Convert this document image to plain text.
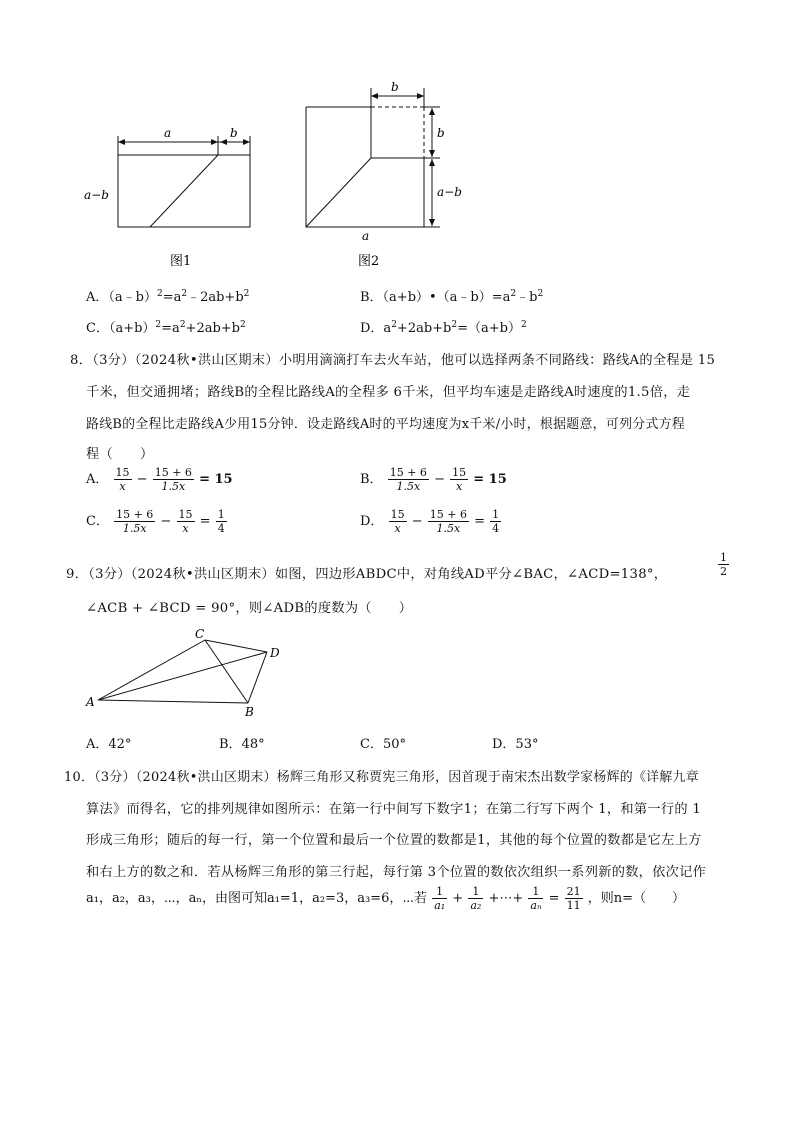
a	b
a−b
图1
b
b
a−b
a
图2
A．$(a﹣b)^2=a^2﹣2ab+b^2$	B．$(a+b)•(a﹣b)=a^2﹣b^2$
C．$(a+b)^2=a^2+2ab+b^2$	D．$a^2+2ab+b^2=(a+b)^2$
8．（3分）（2024秋•洪山区期末）小明用滴滴打车去火车站，他可以选择两条不同路线：路线A的全程是 15
千米，但交通拥堵；路线B的全程比路线A的全程多 6千米，但平均车速是走路线A时速度的1.5倍，走
路线B的全程比走路线A少用15分钟．设走路线A时的平均速度为x千米/小时，根据题意，可列分式方程
程（　　）
A． $\frac{15}{x} - \frac{15 + 6}{1.5x} = 15$	B． $\frac{15 + 6}{1.5x} - \frac{15}{x} = 15$
C． $\frac{15 + 6}{1.5x} - \frac{15}{x} = \frac{1}{4}$	D． $\frac{15}{x} - \frac{15 + 6}{1.5x} = \frac{1}{4}$
9．（3分）（2024秋•洪山区期末）如图，四边形ABDC中，对角线AD平分∠BAC，∠ACD=138°，	$\frac{1}{2}$
∠ACB + ∠BCD = 90°，则∠ADB的度数为（　　）
C
D
A
B
A．42°	B．48°	C．50°	D．53°
10．（3分）（2024秋•洪山区期末）杨辉三角形又称贾宪三角形，因首现于南宋杰出数学家杨辉的《详解九章
算法》而得名，它的排列规律如图所示：在第一行中间写下数字1；在第二行写下两个 1，和第一行的 1
形成三角形；随后的每一行，第一个位置和最后一个位置的数都是1，其他的每个位置的数都是它左上方
和右上方的数之和．若从杨辉三角形的第三行起，每行第 3个位置的数依次组织一系列新的数，依次记作
a₁，a₂，a₃，⋯，aₙ，由图可知a₁=1，a₂=3，a₃=6，⋯若 $\frac{1}{\text{a₁}} + \frac{1}{\text{a₂}}$ +⋯+ $\frac{1}{\text{aₙ}} = \frac{21}{11}$ ，则n=（　　）
